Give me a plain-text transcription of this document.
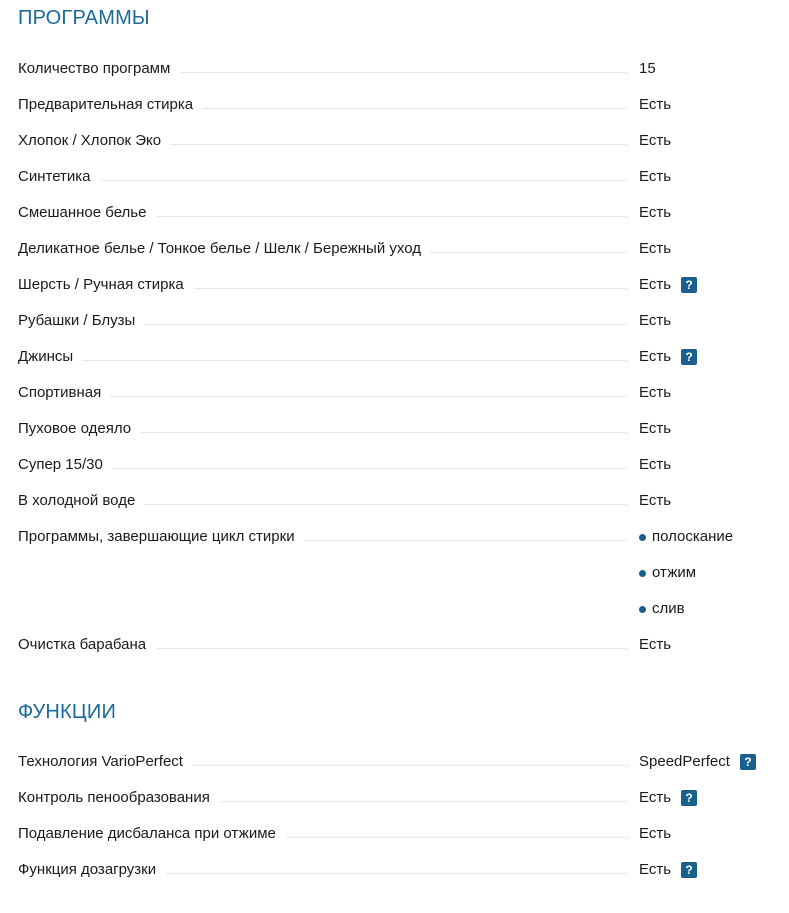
ПРОГРАММЫ
Количество программ	15
Предварительная стирка	Есть
Хлопок / Хлопок Эко	Есть
Синтетика	Есть
Смешанное белье	Есть
Деликатное белье / Тонкое белье / Шелк / Бережный уход	Есть
Шерсть / Ручная стирка	Есть	?
Рубашки / Блузы	Есть
Джинсы	Есть	?
Спортивная	Есть
Пуховое одеяло	Есть
Супер 15/30	Есть
В холодной воде	Есть
Программы, завершающие цикл стирки	полоскание
отжим
слив
Очистка барабана	Есть
ФУНКЦИИ
Технология VarioPerfect	SpeedPerfect	?
Контроль пенообразования	Есть	?
Подавление дисбаланса при отжиме	Есть
Функция дозагрузки	Есть	?
